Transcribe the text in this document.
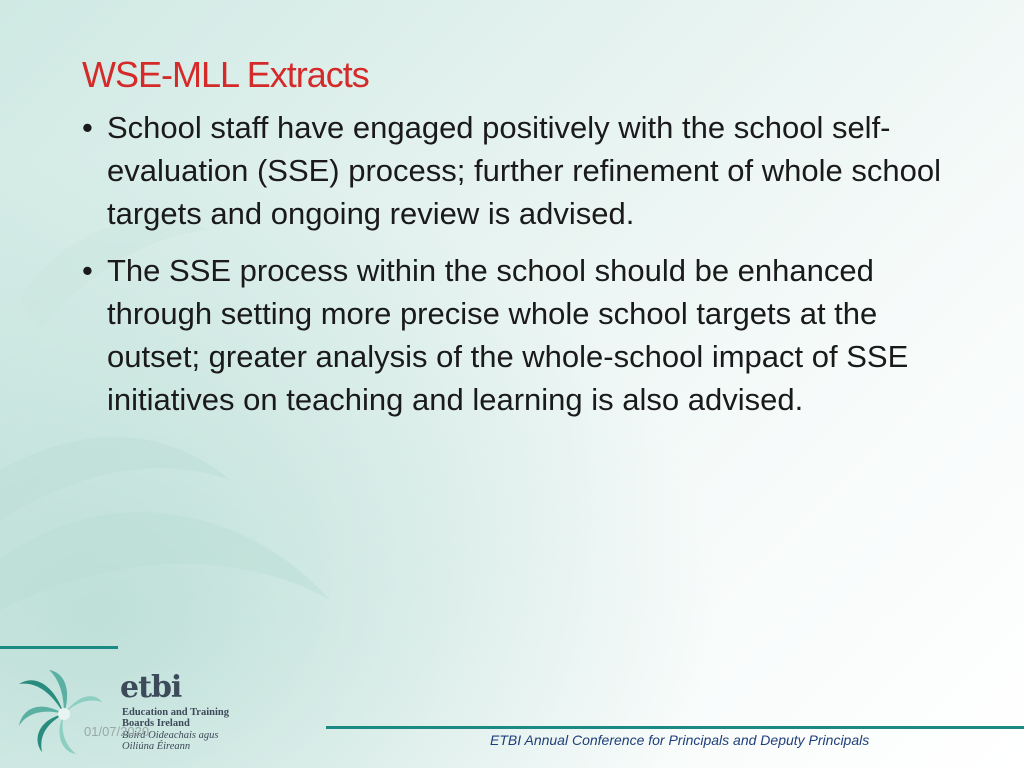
WSE-MLL Extracts
• School staff have engaged positively with the school self-evaluation (SSE) process; further refinement of whole school targets and ongoing review is advised.
• The SSE process within the school should be enhanced through setting more precise whole school targets at the outset; greater analysis of the whole-school impact of SSE initiatives on teaching and learning is also advised.
etbi
Education and Training Boards Ireland
Boird Oideachais agus Oiliúna Éireann
01/07/2020
ETBI Annual Conference for Principals and Deputy Principals
